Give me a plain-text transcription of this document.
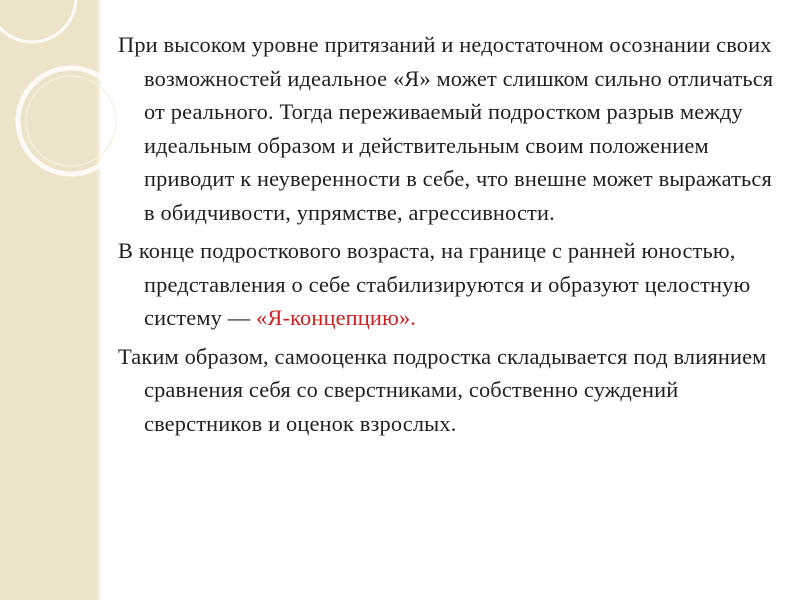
При высоком уровне притязаний и недостаточном осознании своих возможностей идеальное «Я» может слишком сильно отличаться от реального. Тогда переживаемый подростком разрыв между идеальным образом и действительным своим положением приводит к неуверенности в себе, что внешне может выражаться в обидчивости, упрямстве, агрессивности.

В конце подросткового возраста, на границе с ранней юностью, представления о себе стабилизируются и образуют целостную систему — «Я-концепцию».

Таким образом, самооценка подростка складывается под влиянием сравнения себя со сверстниками, собственно суждений сверстников и оценок взрослых.
